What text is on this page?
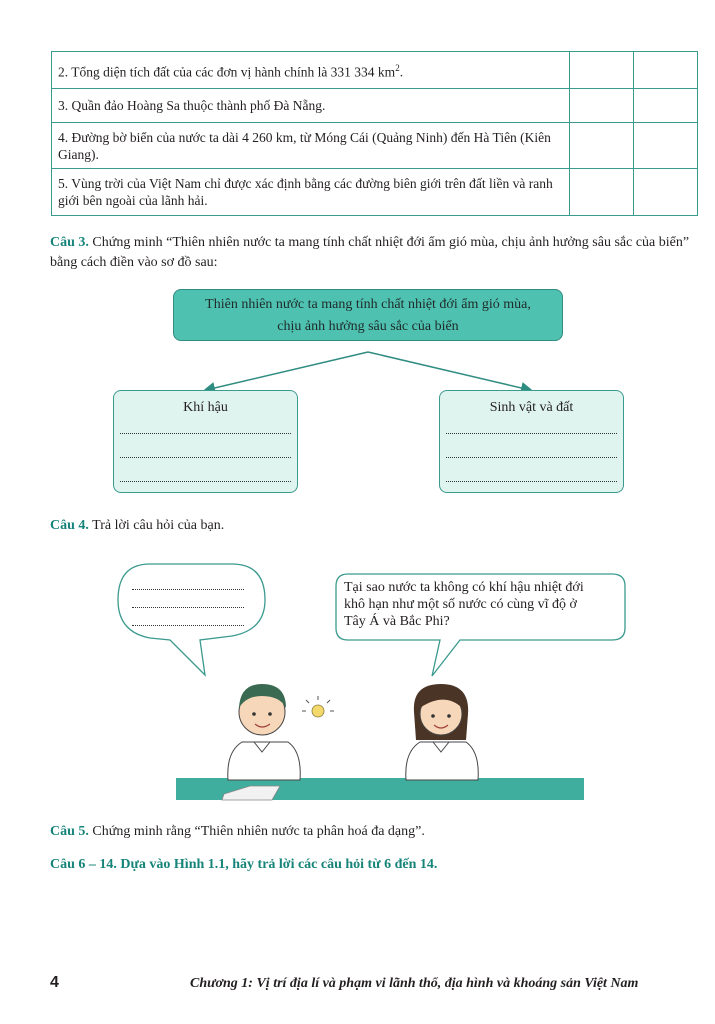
2. Tổng diện tích đất của các đơn vị hành chính là 331 334 $km^2$.		
3. Quần đảo Hoàng Sa thuộc thành phố Đà Nẵng.		
4. Đường bờ biển của nước ta dài 4 260 km, từ Móng Cái (Quảng Ninh) đến Hà Tiên (Kiên Giang).		
5. Vùng trời của Việt Nam chỉ được xác định bằng các đường biên giới trên đất liền và ranh giới bên ngoài của lãnh hải.		
Câu 3. Chứng minh “Thiên nhiên nước ta mang tính chất nhiệt đới ẩm gió mùa, chịu ảnh hưởng sâu sắc của biển” bằng cách điền vào sơ đồ sau:
Thiên nhiên nước ta mang tính chất nhiệt đới ẩm gió mùa,
chịu ảnh hưởng sâu sắc của biển
Khí hậu	Sinh vật và đất
Câu 4. Trả lời câu hỏi của bạn.
Tại sao nước ta không có khí hậu nhiệt đới
khô hạn như một số nước có cùng vĩ độ ở
Tây Á và Bắc Phi?
Câu 5. Chứng minh rằng “Thiên nhiên nước ta phân hoá đa dạng”.
Câu 6 – 14. Dựa vào Hình 1.1, hãy trả lời các câu hỏi từ 6 đến 14.
4	Chương 1: Vị trí địa lí và phạm vi lãnh thổ, địa hình và khoáng sản Việt Nam
